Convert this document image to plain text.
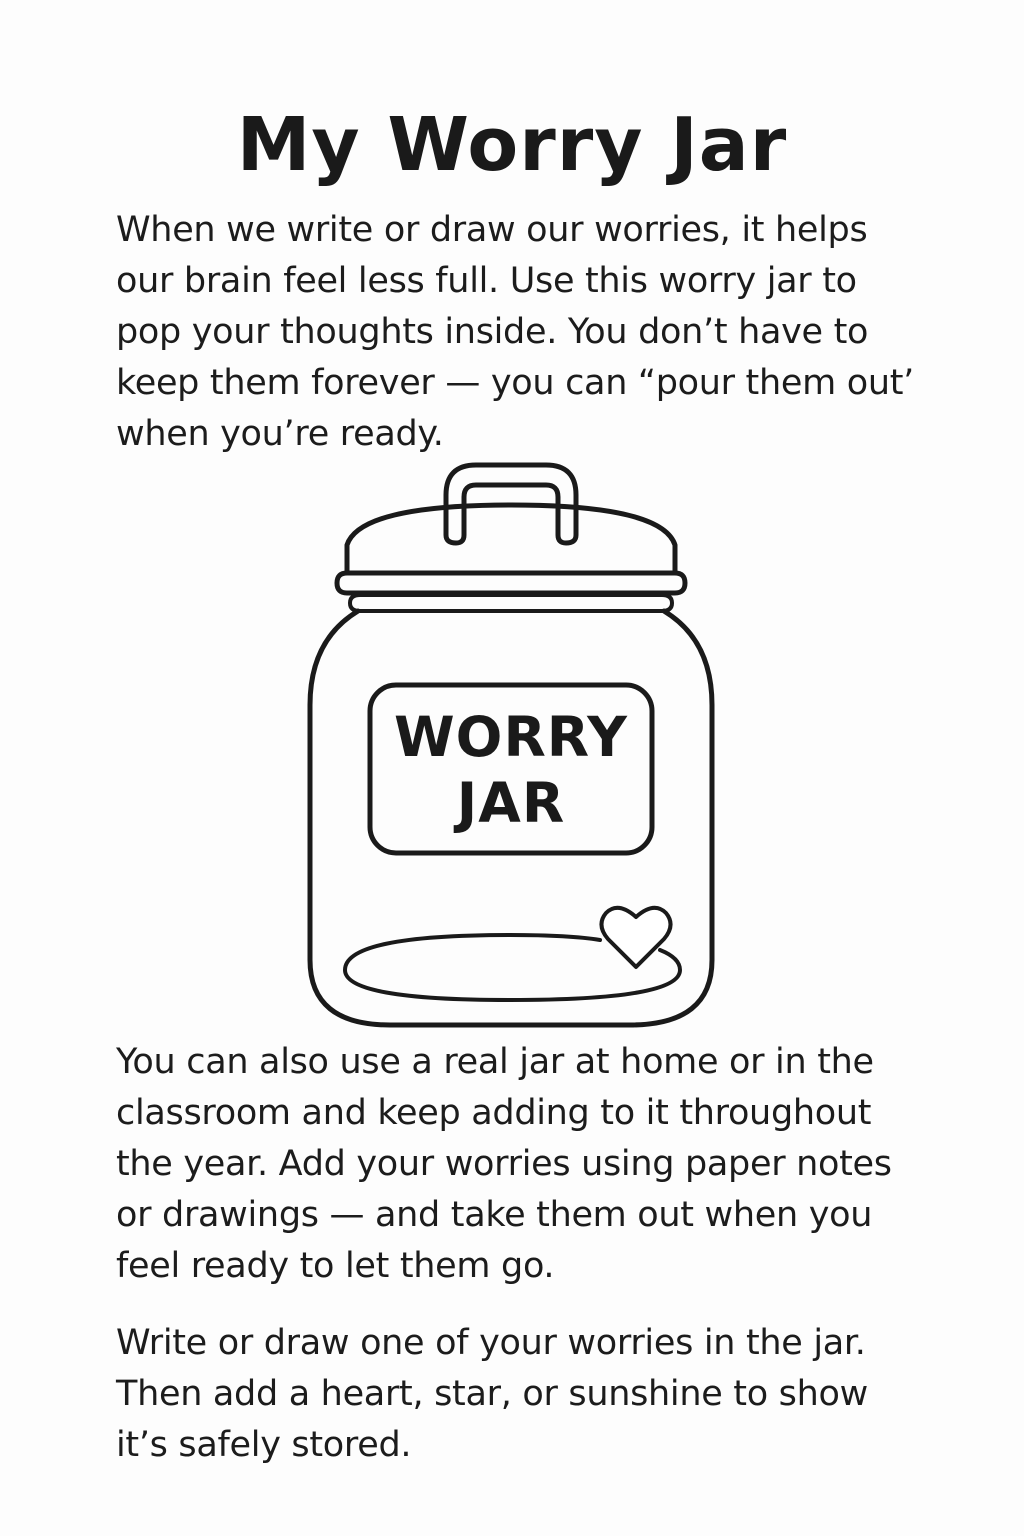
My Worry Jar

When we write or draw our worries, it helps
our brain feel less full. Use this worry jar to
pop your thoughts inside. You don’t have to
keep them forever — you can “pour them out’
when you’re ready.

WORRY
JAR

You can also use a real jar at home or in the
classroom and keep adding to it throughout
the year. Add your worries using paper notes
or drawings — and take them out when you
feel ready to let them go.

Write or draw one of your worries in the jar.
Then add a heart, star, or sunshine to show
it’s safely stored.
